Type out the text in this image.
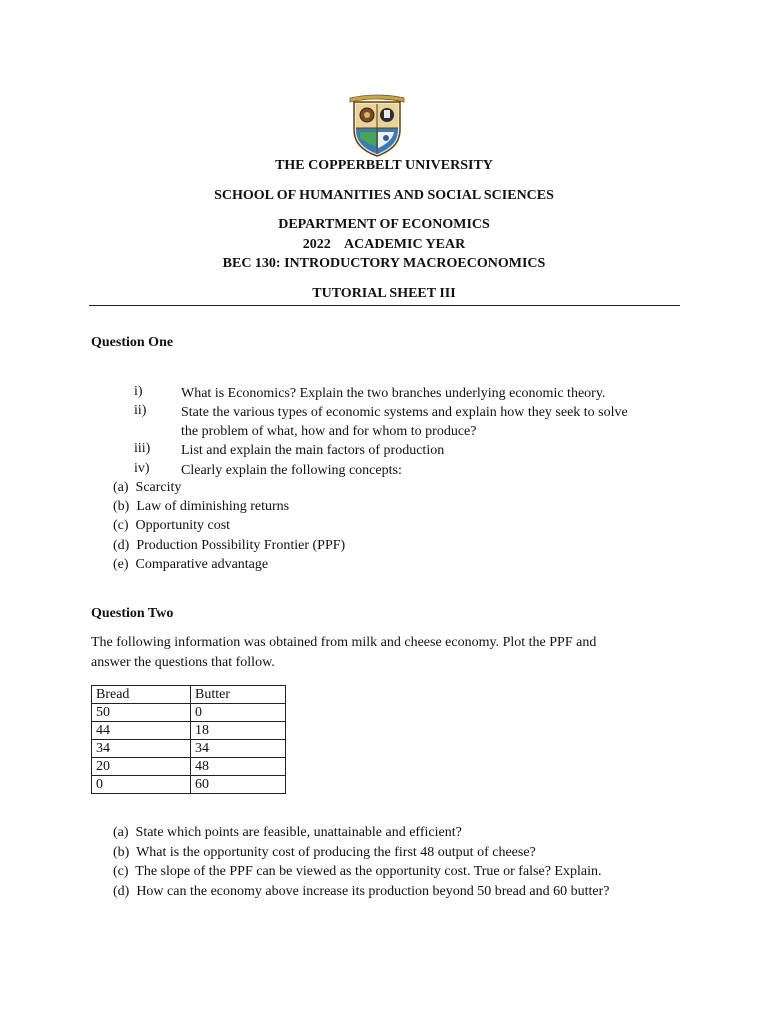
THE COPPERBELT UNIVERSITY
SCHOOL OF HUMANITIES AND SOCIAL SCIENCES
DEPARTMENT OF ECONOMICS
2022    ACADEMIC YEAR
BEC 130: INTRODUCTORY MACROECONOMICS
TUTORIAL SHEET III
Question One
i)	What is Economics? Explain the two branches underlying economic theory.
ii)	State the various types of economic systems and explain how they seek to solve
the problem of what, how and for whom to produce?
iii)	List and explain the main factors of production
iv)	Clearly explain the following concepts:
(a)  Scarcity
(b)  Law of diminishing returns
(c)  Opportunity cost
(d)  Production Possibility Frontier (PPF)
(e)  Comparative advantage
Question Two
The following information was obtained from milk and cheese economy. Plot the PPF and
answer the questions that follow.
Bread	Butter
50	0
44	18
34	34
20	48
0	60
(a)  State which points are feasible, unattainable and efficient?
(b)  What is the opportunity cost of producing the first 48 output of cheese?
(c)  The slope of the PPF can be viewed as the opportunity cost. True or false? Explain.
(d)  How can the economy above increase its production beyond 50 bread and 60 butter?
